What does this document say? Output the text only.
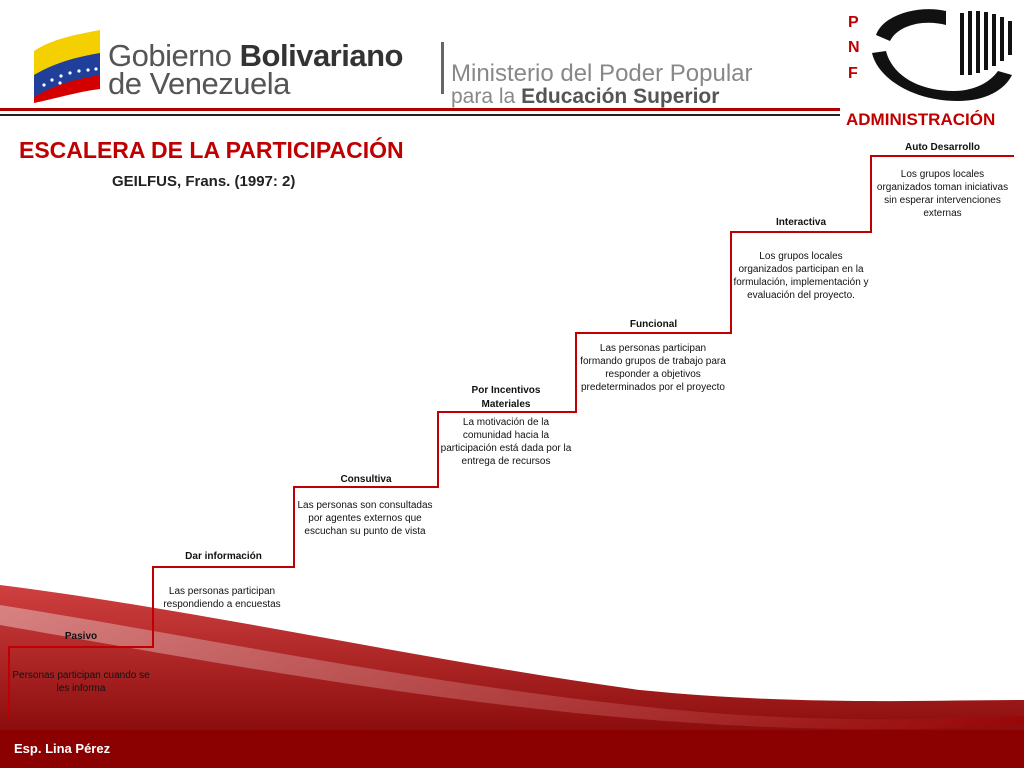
Gobierno Bolivariano
de Venezuela	Ministerio del Poder Popular
para la Educación Superior
P
N
F
ADMINISTRACIÓN
ESCALERA DE LA PARTICIPACIÓN
GEILFUS, Frans. (1997: 2)
Pasivo
Personas participan cuando se les informa
Dar información
Las personas participan respondiendo a encuestas
Consultiva
Las personas son consultadas por agentes externos que escuchan su punto de vista
Por Incentivos Materiales
La motivación de la comunidad hacia la participación está dada por la entrega de recursos
Funcional
Las personas participan formando grupos de trabajo para responder a objetivos predeterminados por el proyecto
Interactiva
Los grupos locales organizados participan en la formulación, implementación y evaluación del proyecto.
Auto Desarrollo
Los grupos locales organizados toman iniciativas sin esperar intervenciones externas
Esp. Lina Pérez
